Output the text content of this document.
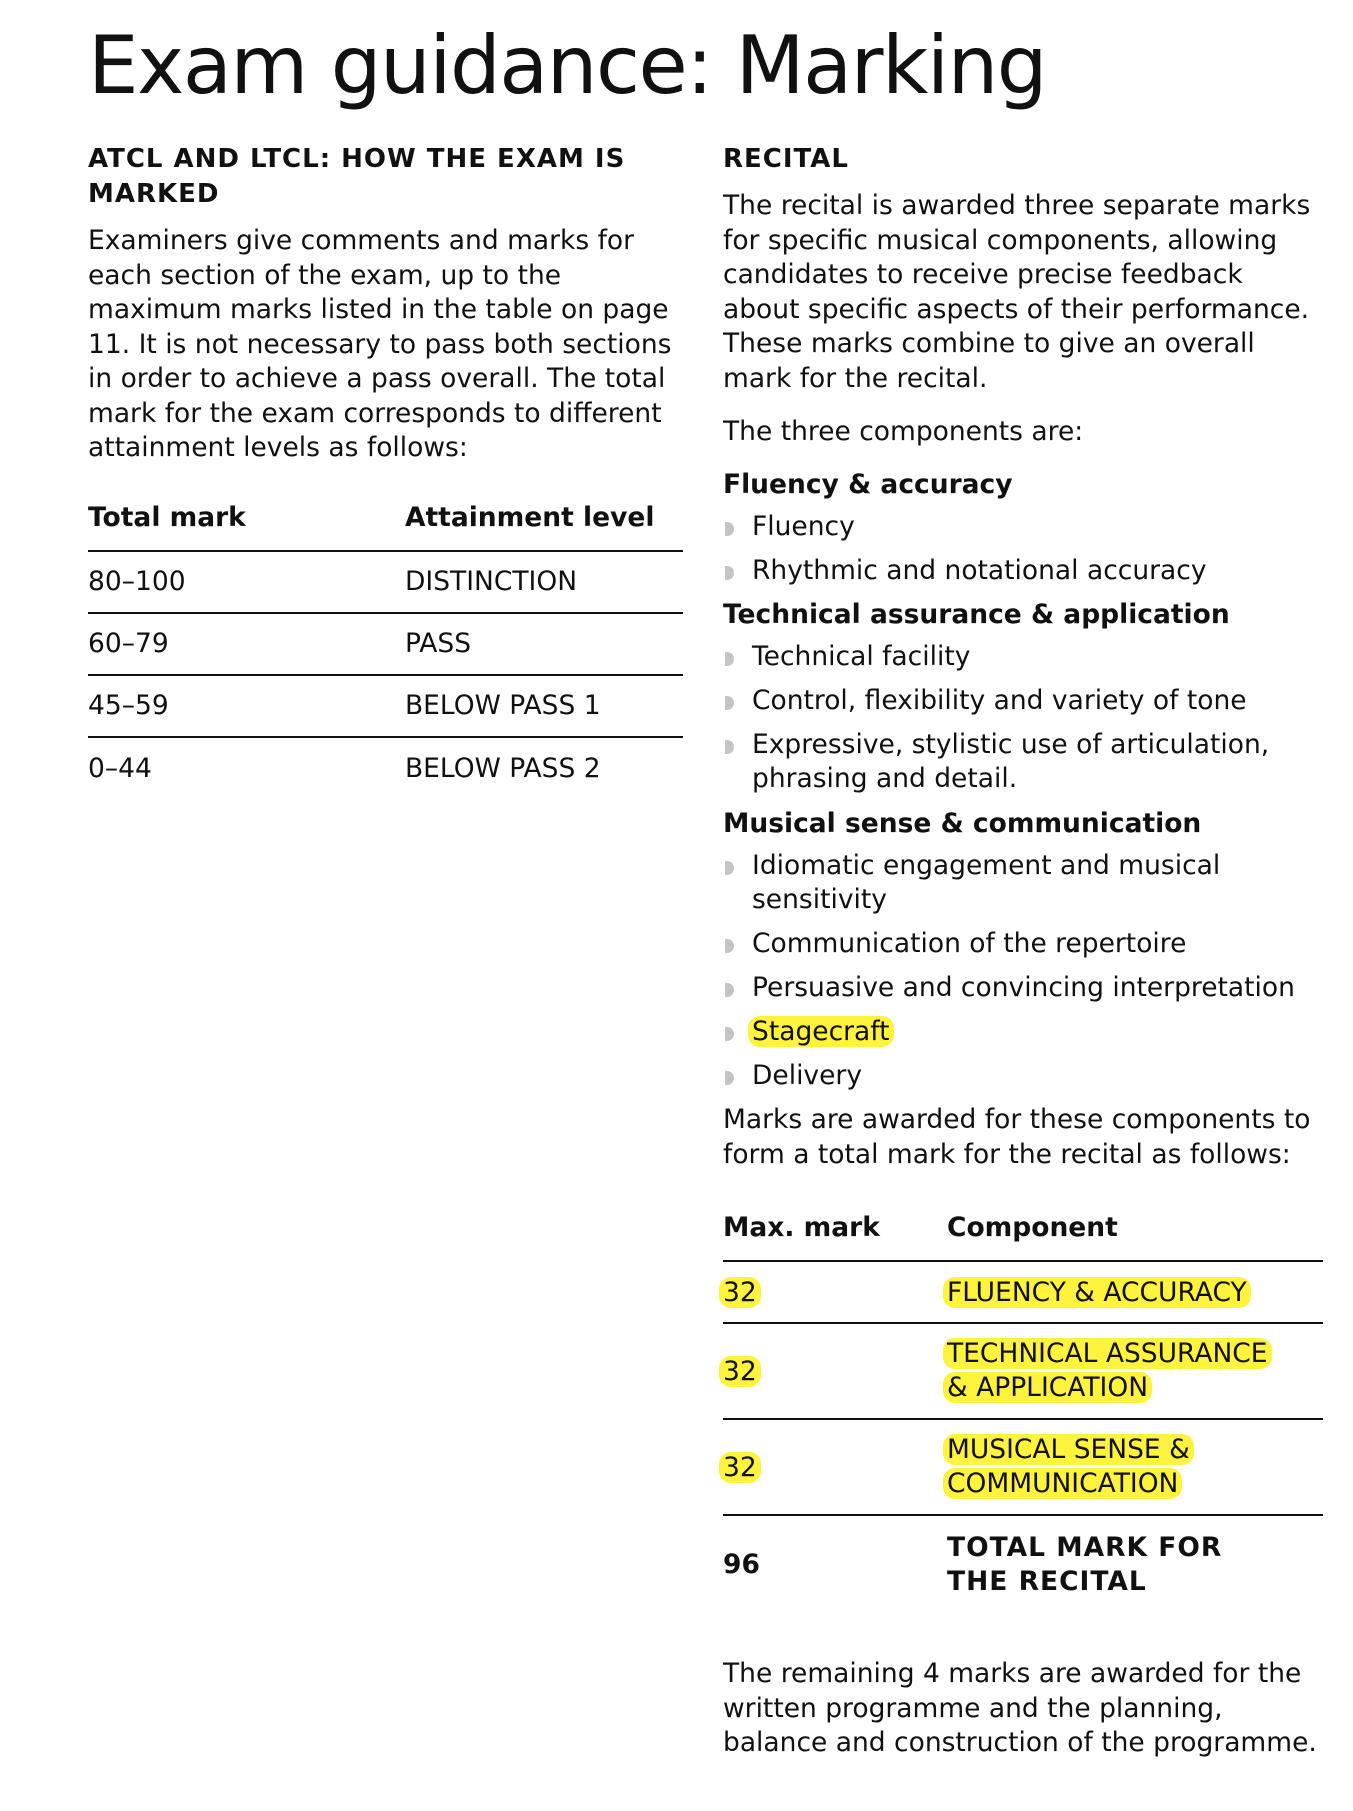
Exam guidance: Marking
ATCL AND LTCL: HOW THE EXAM IS MARKED

Examiners give comments and marks for each section of the exam, up to the maximum marks listed in the table on page 11. It is not necessary to pass both sections in order to achieve a pass overall. The total mark for the exam corresponds to different attainment levels as follows:

Total mark	Attainment level
80–100	DISTINCTION
60–79	PASS
45–59	BELOW PASS 1
0–44	BELOW PASS 2
RECITAL

The recital is awarded three separate marks for specific musical components, allowing candidates to receive precise feedback about specific aspects of their performance. These marks combine to give an overall mark for the recital.

The three components are:

Fluency & accuracy
Fluency
Rhythmic and notational accuracy
Technical assurance & application
Technical facility
Control, flexibility and variety of tone
Expressive, stylistic use of articulation, phrasing and detail.
Musical sense & communication
Idiomatic engagement and musical sensitivity
Communication of the repertoire
Persuasive and convincing interpretation
Stagecraft
Delivery

Marks are awarded for these components to form a total mark for the recital as follows:

Max. mark	Component
32	FLUENCY & ACCURACY
32	TECHNICAL ASSURANCE
& APPLICATION
32	MUSICAL SENSE &
COMMUNICATION
96	TOTAL MARK FOR
THE RECITAL

The remaining 4 marks are awarded for the written programme and the planning, balance and construction of the programme.
